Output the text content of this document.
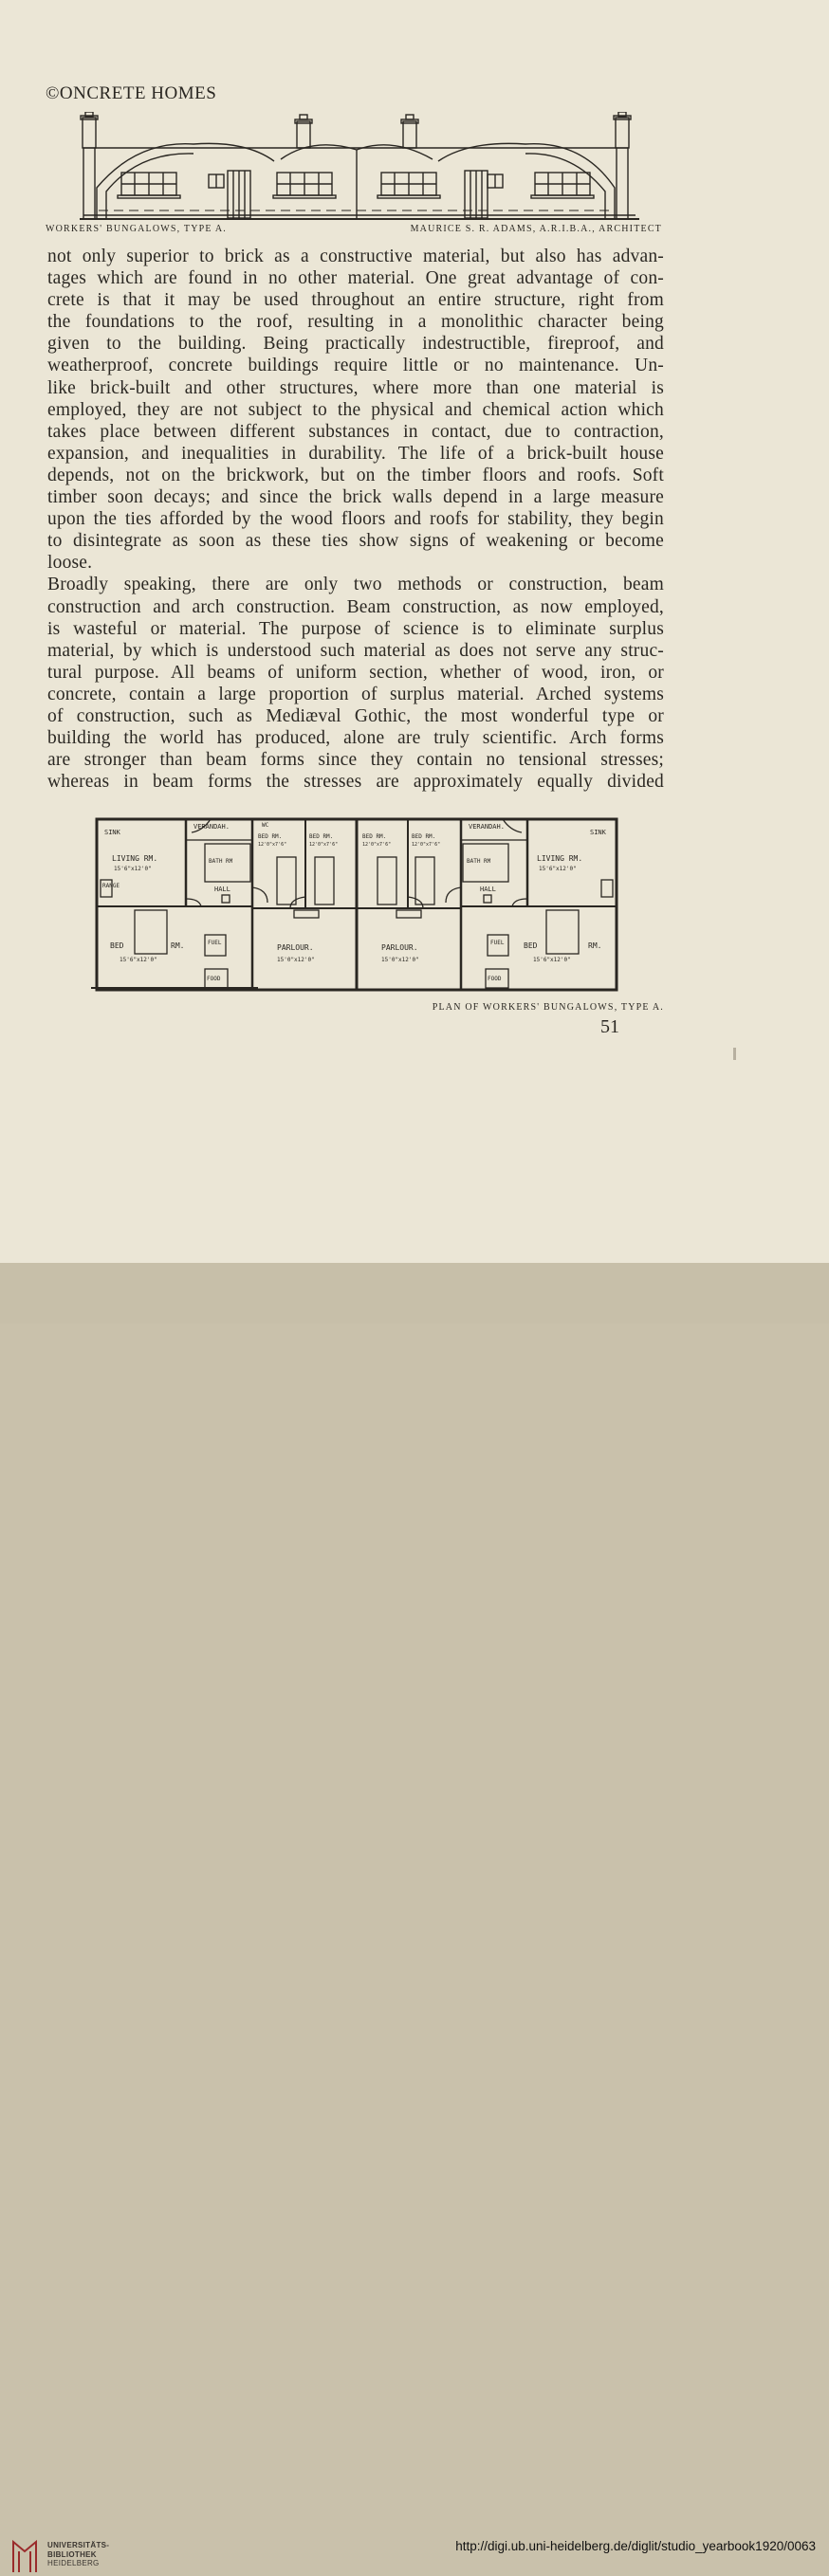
©ONCRETE HOMES
WORKERS' BUNGALOWS, TYPE A.	MAURICE S. R. ADAMS, A.R.I.B.A., ARCHITECT
not only superior to brick as a constructive material, but also has advan-
tages which are found in no other material. One great advantage of con-
crete is that it may be used throughout an entire structure, right from
the foundations to the roof, resulting in a monolithic character being
given to the building. Being practically indestructible, fireproof, and
weatherproof, concrete buildings require little or no maintenance. Un-
like brick-built and other structures, where more than one material is
employed, they are not subject to the physical and chemical action which
takes place between different substances in contact, due to contraction,
expansion, and inequalities in durability. The life of a brick-built house
depends, not on the brickwork, but on the timber floors and roofs. Soft
timber soon decays; and since the brick walls depend in a large measure
upon the ties afforded by the wood floors and roofs for stability, they begin
to disintegrate as soon as these ties show signs of weakening or become
loose.
Broadly speaking, there are only two methods or construction, beam
construction and arch construction. Beam construction, as now employed,
is wasteful or material. The purpose of science is to eliminate surplus
material, by which is understood such material as does not serve any struc-
tural purpose. All beams of uniform section, whether of wood, iron, or
concrete, contain a large proportion of surplus material. Arched systems
of construction, such as Mediæval Gothic, the most wonderful type or
building the world has produced, alone are truly scientific. Arch forms
are stronger than beam forms since they contain no tensional stresses;
whereas in beam forms the stresses are approximately equally divided
VERANDAH.	VERANDAH.
SINK	SINK
LIVING RM.
15'6"x12'0"
LIVING RM.
15'6"x12'0"
RANGE
BATH RM	BATH RM
HALL	HALL
BED	RM.
15'6"x12'0"
BED	RM.
15'6"x12'0"
FUEL	FUEL
FOOD	FOOD
PARLOUR.
15'0"x12'0"
PARLOUR.
15'0"x12'0"
BED RM.
12'0"x7'6"
BED RM.
12'0"x7'6"
BED RM.
12'0"x7'6"
BED RM.
12'0"x7'6"
WC
PLAN OF WORKERS' BUNGALOWS, TYPE A.
51
UNIVERSITÄTS-
BIBLIOTHEK
HEIDELBERG
http://digi.ub.uni-heidelberg.de/diglit/studio_yearbook1920/0063
